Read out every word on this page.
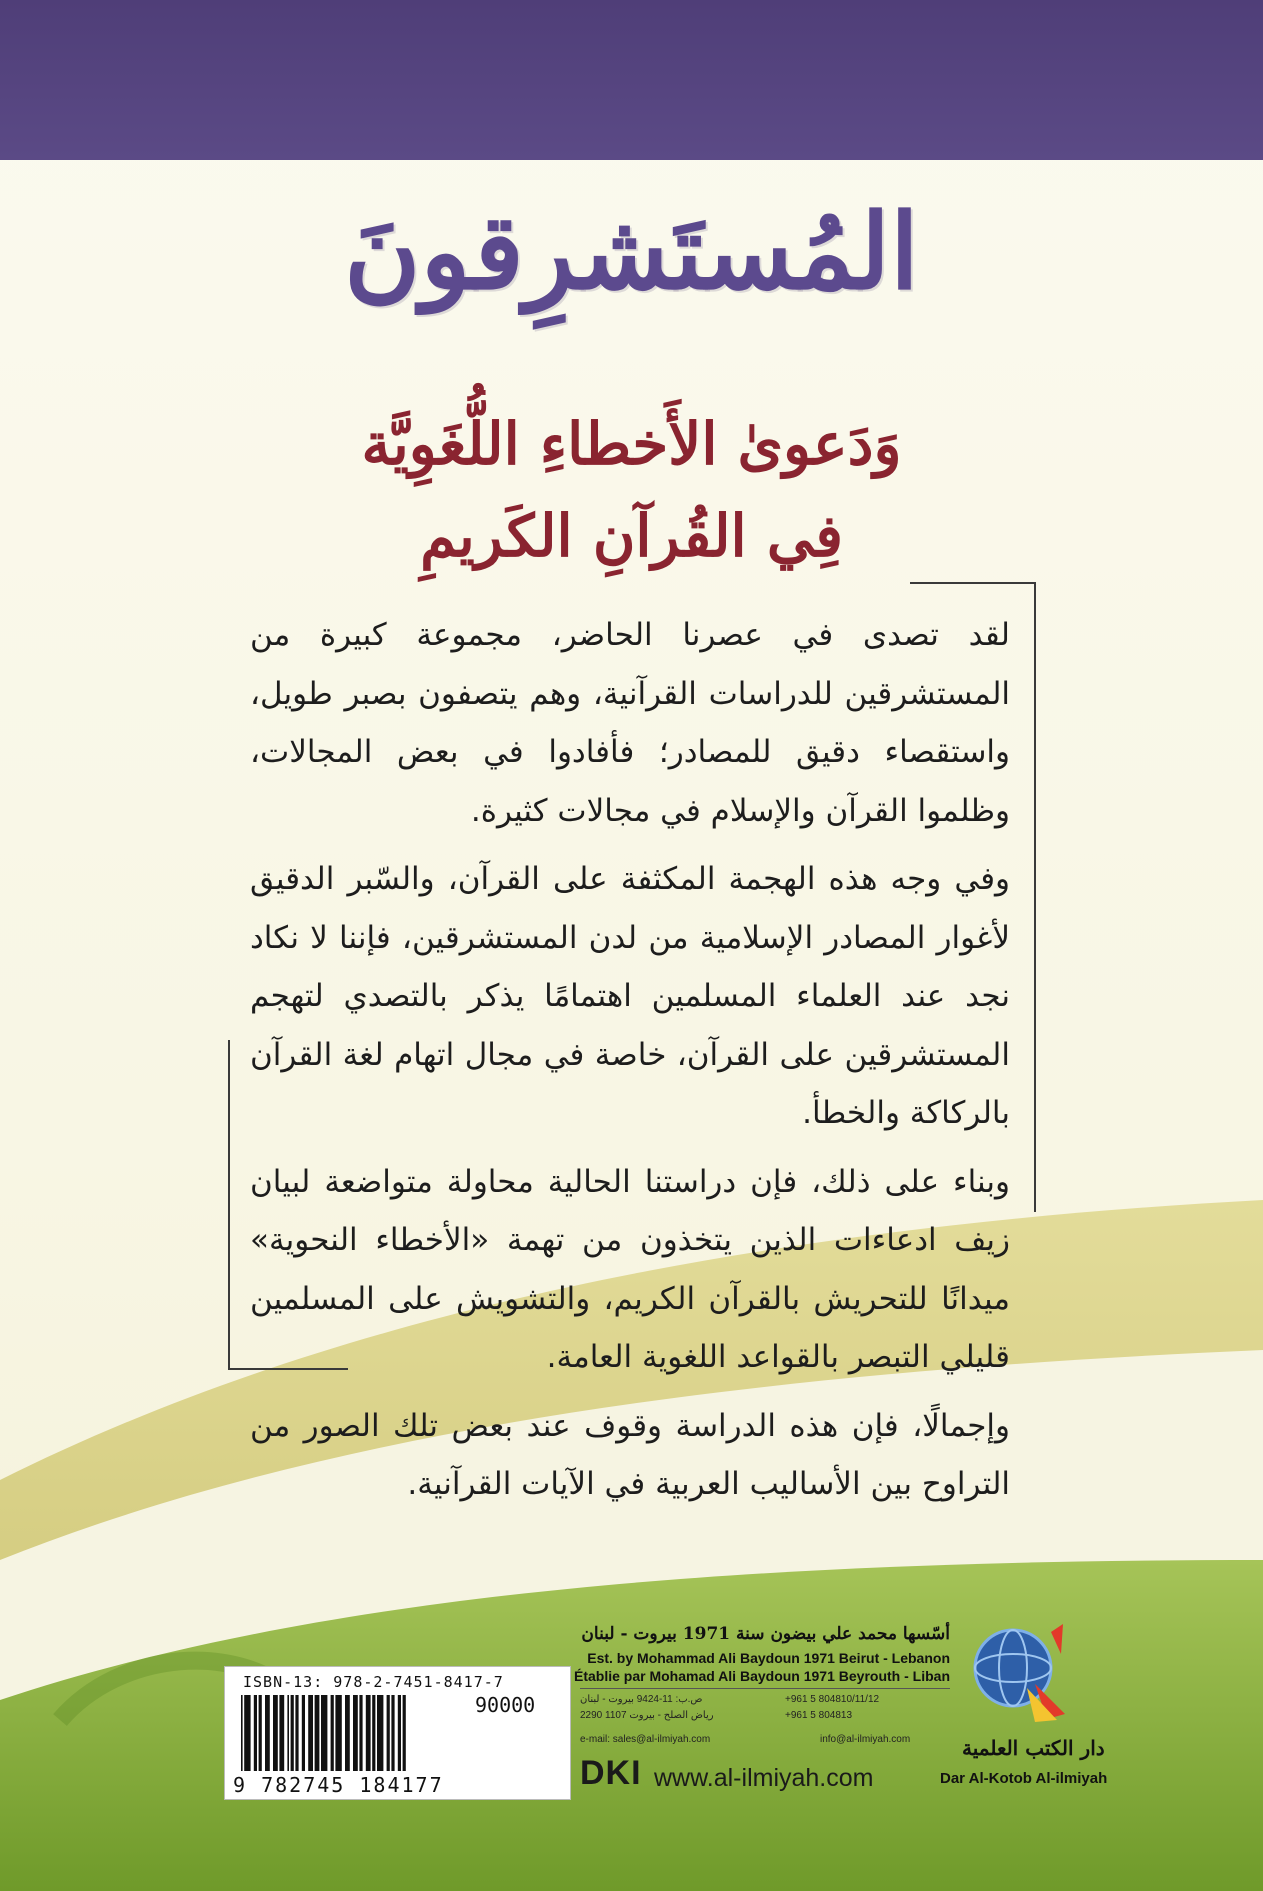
المُستَشرِقونَ
وَدَعوىٰ الأَخطاءِ اللُّغَوِيَّة
فِي القُرآنِ الكَريمِ

لقد تصدى في عصرنا الحاضر، مجموعة كبيرة من المستشرقين للدراسات القرآنية، وهم يتصفون بصبر طويل، واستقصاء دقيق للمصادر؛ فأفادوا في بعض المجالات، وظلموا القرآن والإسلام في مجالات كثيرة.

وفي وجه هذه الهجمة المكثفة على القرآن، والسّبر الدقيق لأغوار المصادر الإسلامية من لدن المستشرقين، فإننا لا نكاد نجد عند العلماء المسلمين اهتمامًا يذكر بالتصدي لتهجم المستشرقين على القرآن، خاصة في مجال اتهام لغة القرآن بالركاكة والخطأ.

وبناء على ذلك، فإن دراستنا الحالية محاولة متواضعة لبيان زيف ادعاءات الذين يتخذون من تهمة «الأخطاء النحوية» ميدانًا للتحريش بالقرآن الكريم، والتشويش على المسلمين قليلي التبصر بالقواعد اللغوية العامة.

وإجمالًا، فإن هذه الدراسة وقوف عند بعض تلك الصور من التراوح بين الأساليب العربية في الآيات القرآنية.

ISBN-13: 978-2-7451-8417-7
90000
9 782745 184177
أسّسها محمد علي بيضون سنة 1971 بيروت - لبنان
Est. by Mohammad Ali Baydoun 1971 Beirut - Lebanon
Établie par Mohamad Ali Baydoun 1971 Beyrouth - Liban
ص.ب: 11-9424 بيروت - لبنان	+961 5 804810/11/12
رياض الصلح - بيروت 1107 2290	+961 5 804813
e-mail: sales@al-ilmiyah.com	info@al-ilmiyah.com
DKI www.al-ilmiyah.com
دار الكتب العلمية
Dar Al-Kotob Al-ilmiyah
